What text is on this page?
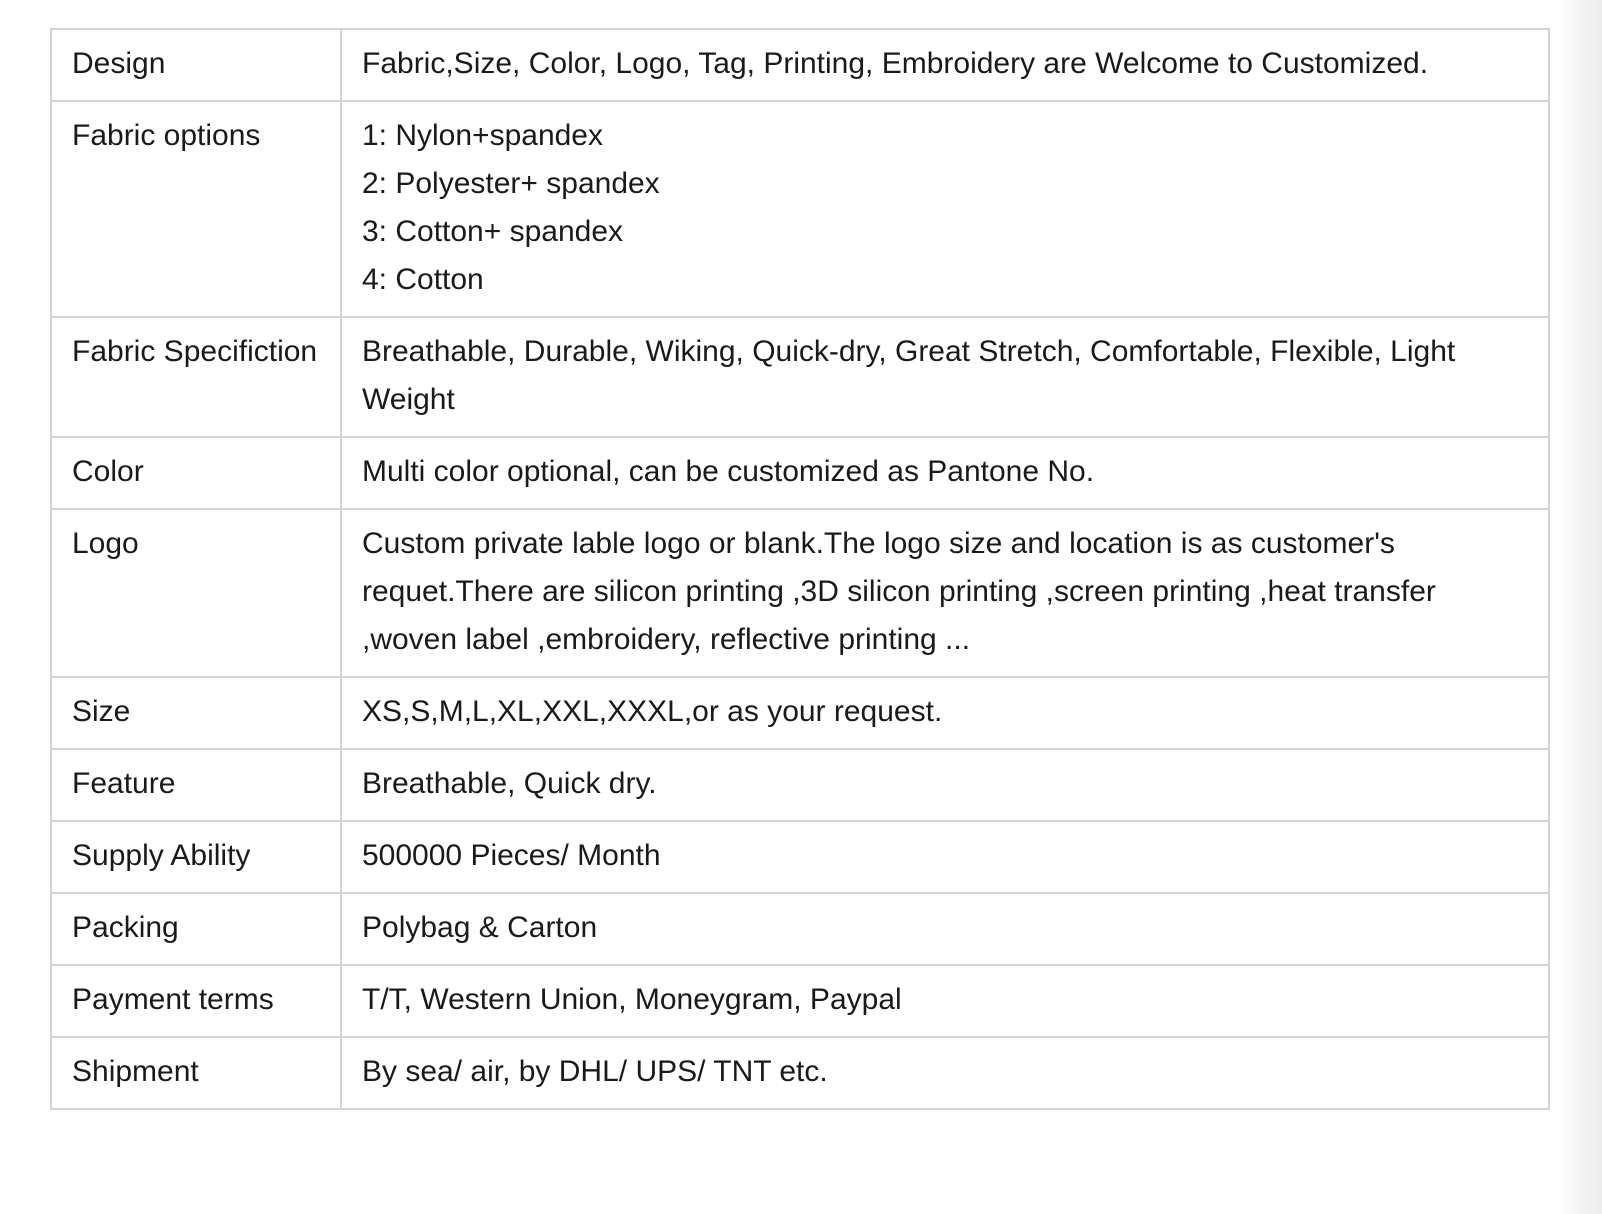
Design	Fabric,Size, Color, Logo, Tag, Printing, Embroidery are Welcome to Customized.

Fabric options	1: Nylon+spandex
2: Polyester+ spandex
3: Cotton+ spandex
4: Cotton

Fabric Specifiction	Breathable, Durable, Wiking, Quick-dry, Great Stretch, Comfortable, Flexible, Light Weight

Color	Multi color optional, can be customized as Pantone No.

Logo	Custom private lable logo or blank.The logo size and location is as customer's requet.There are silicon printing ,3D silicon printing ,screen printing ,heat transfer ,woven label ,embroidery, reflective printing ...

Size	XS,S,M,L,XL,XXL,XXXL,or as your request.

Feature	Breathable, Quick dry.

Supply Ability	500000 Pieces/ Month

Packing	Polybag & Carton

Payment terms	T/T, Western Union, Moneygram, Paypal

Shipment	By sea/ air, by DHL/ UPS/ TNT etc.
